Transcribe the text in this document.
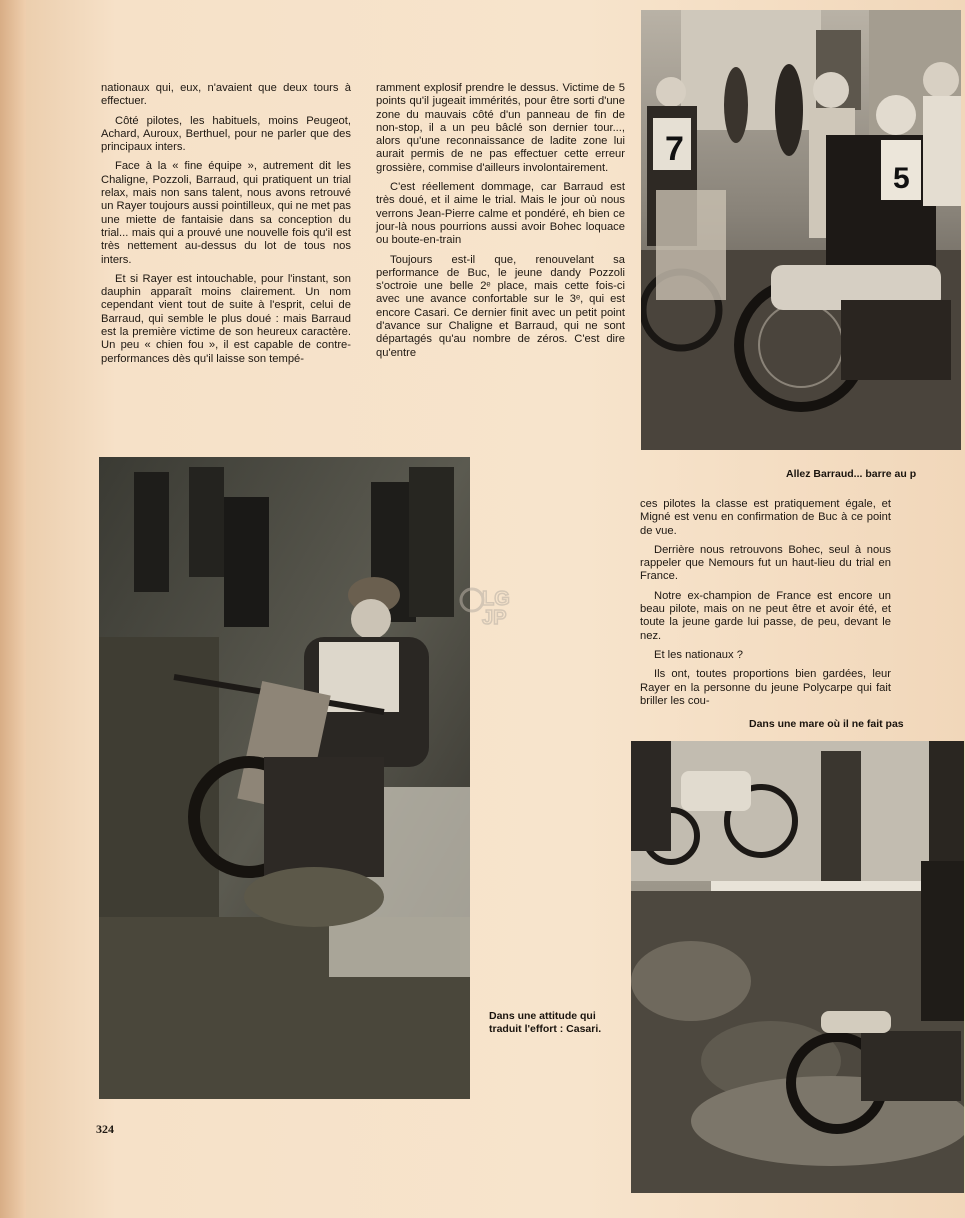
nationaux qui, eux, n'avaient que deux tours à effectuer.

Côté pilotes, les habituels, moins Peugeot, Achard, Auroux, Berthuel, pour ne parler que des principaux inters.

Face à la « fine équipe », autrement dit les Chaligne, Pozzoli, Barraud, qui pratiquent un trial relax, mais non sans talent, nous avons retrouvé un Rayer toujours aussi pointilleux, qui ne met pas une miette de fantaisie dans sa conception du trial... mais qui a prouvé une nouvelle fois qu'il est très nettement au-dessus du lot de tous nos inters.

Et si Rayer est intouchable, pour l'instant, son dauphin apparaît moins clairement. Un nom cependant vient tout de suite à l'esprit, celui de Barraud, qui semble le plus doué : mais Barraud est la première victime de son heureux caractère. Un peu « chien fou », il est capable de contre-performances dès qu'il laisse son tempé-

ramment explosif prendre le dessus. Victime de 5 points qu'il jugeait immérités, pour être sorti d'une zone du mauvais côté d'un panneau de fin de non-stop, il a un peu bâclé son dernier tour..., alors qu'une reconnaissance de ladite zone lui aurait permis de ne pas effectuer cette erreur grossière, commise d'ailleurs involontairement.

C'est réellement dommage, car Barraud est très doué, et il aime le trial. Mais le jour où nous verrons Jean-Pierre calme et pondéré, eh bien ce jour-là nous pourrions aussi avoir Bohec loquace ou boute-en-train

Toujours est-il que, renouvelant sa performance de Buc, le jeune dandy Pozzoli s'octroie une belle 2ᵉ place, mais cette fois-ci avec une avance confortable sur le 3ᵉ, qui est encore Casari. Ce dernier finit avec un petit point d'avance sur Chaligne et Barraud, qui ne sont départagés qu'au nombre de zéros. C'est dire qu'entre

ces pilotes la classe est pratiquement égale, et Migné est venu en confirmation de Buc à ce point de vue.

Derrière nous retrouvons Bohec, seul à nous rappeler que Nemours fut un haut-lieu du trial en France.

Notre ex-champion de France est encore un beau pilote, mais on ne peut être et avoir été, et toute la jeune garde lui passe, de peu, devant le nez.

Et les nationaux ?

Ils ont, toutes proportions bien gardées, leur Rayer en la personne du jeune Polycarpe qui fait briller les cou-

7
5
Allez Barraud... barre au p
Dans une attitude qui traduit l'effort : Casari.
Dans une mare où il ne fait pas
LG
JP
324
